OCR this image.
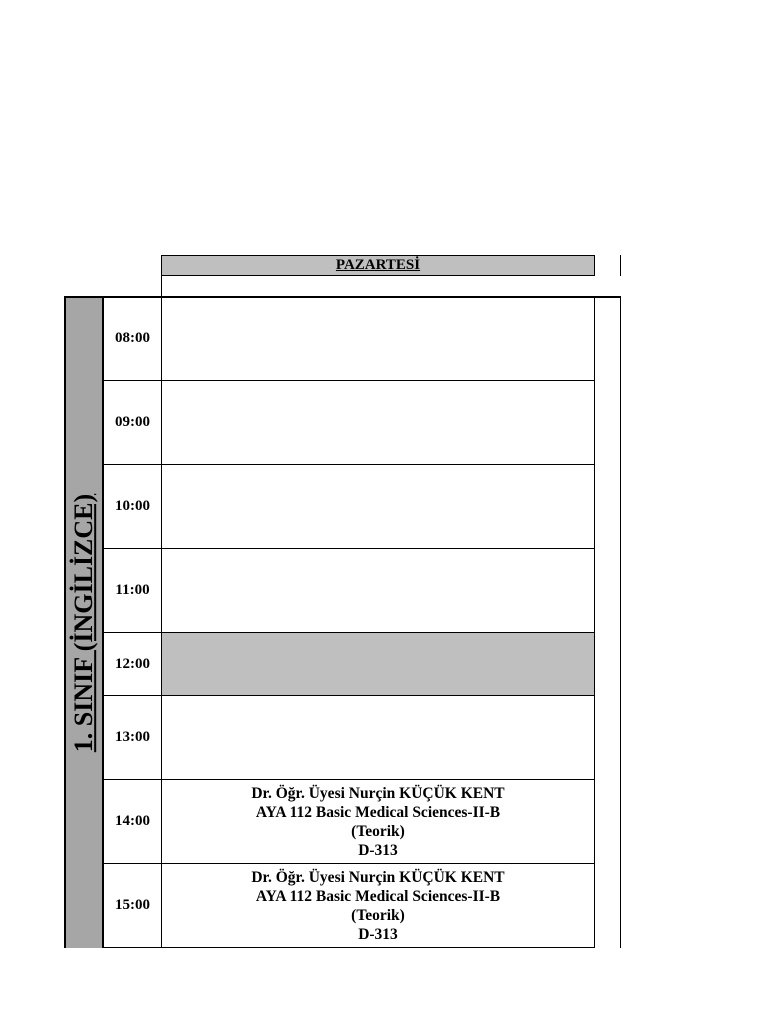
PAZARTESİ
1. SINIF (İNGİLİZCE)
08:00
09:00
10:00
11:00
12:00
13:00
14:00
Dr. Öğr. Üyesi Nurçin KÜÇÜK KENT
AYA 112 Basic Medical Sciences-II-B
(Teorik)
D-313
15:00
Dr. Öğr. Üyesi Nurçin KÜÇÜK KENT
AYA 112 Basic Medical Sciences-II-B
(Teorik)
D-313
